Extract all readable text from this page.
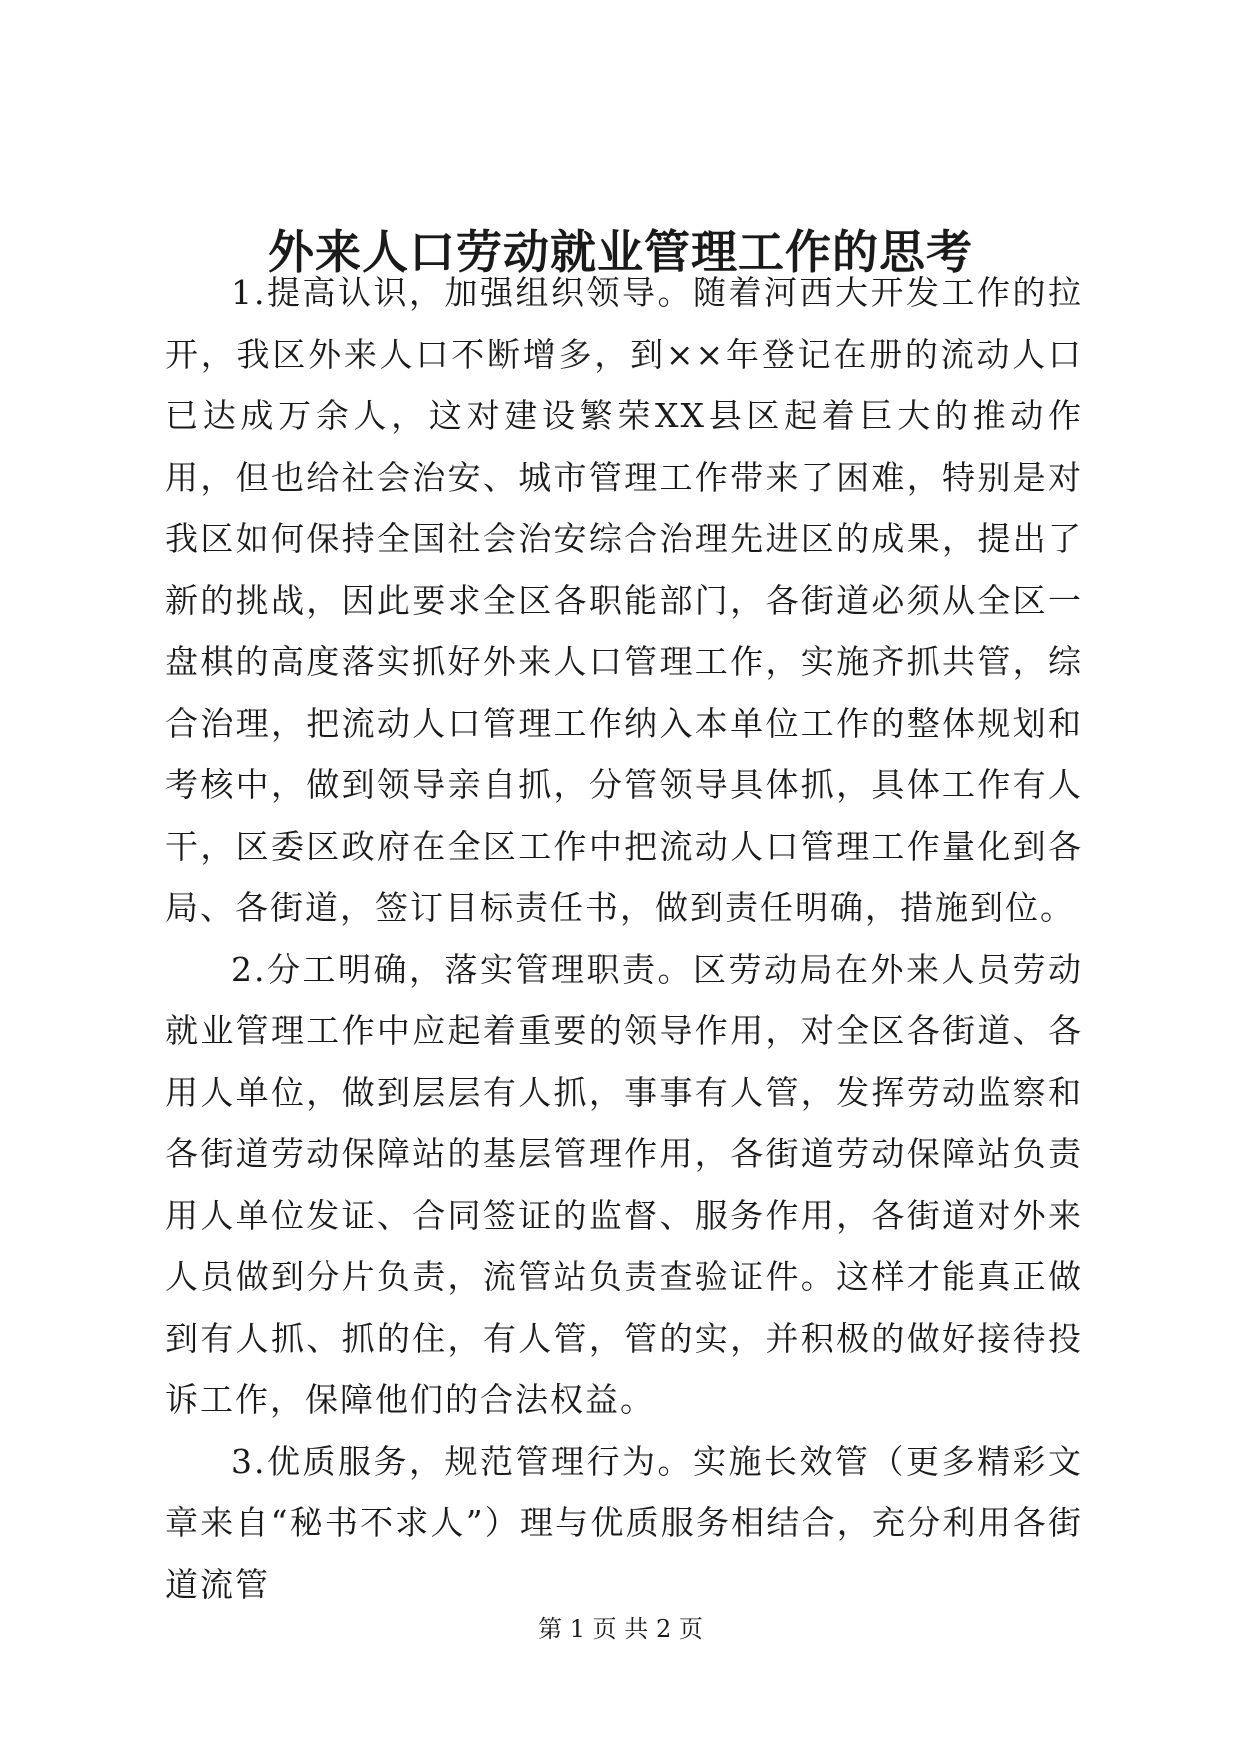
外来人口劳动就业管理工作的思考

1.提高认识，加强组织领导。随着河西大开发工作的拉开，我区外来人口不断增多，到××年登记在册的流动人口已达成万余人，这对建设繁荣XX县区起着巨大的推动作用，但也给社会治安、城市管理工作带来了困难，特别是对我区如何保持全国社会治安综合治理先进区的成果，提出了新的挑战，因此要求全区各职能部门，各街道必须从全区一盘棋的高度落实抓好外来人口管理工作，实施齐抓共管，综合治理，把流动人口管理工作纳入本单位工作的整体规划和考核中，做到领导亲自抓，分管领导具体抓，具体工作有人干，区委区政府在全区工作中把流动人口管理工作量化到各局、各街道，签订目标责任书，做到责任明确，措施到位。

2.分工明确，落实管理职责。区劳动局在外来人员劳动就业管理工作中应起着重要的领导作用，对全区各街道、各用人单位，做到层层有人抓，事事有人管，发挥劳动监察和各街道劳动保障站的基层管理作用，各街道劳动保障站负责用人单位发证、合同签证的监督、服务作用，各街道对外来人员做到分片负责，流管站负责查验证件。这样才能真正做到有人抓、抓的住，有人管，管的实，并积极的做好接待投诉工作，保障他们的合法权益。

3.优质服务，规范管理行为。实施长效管（更多精彩文章来自“秘书不求人”）理与优质服务相结合，充分利用各街道流管

第 1 页 共 2 页
